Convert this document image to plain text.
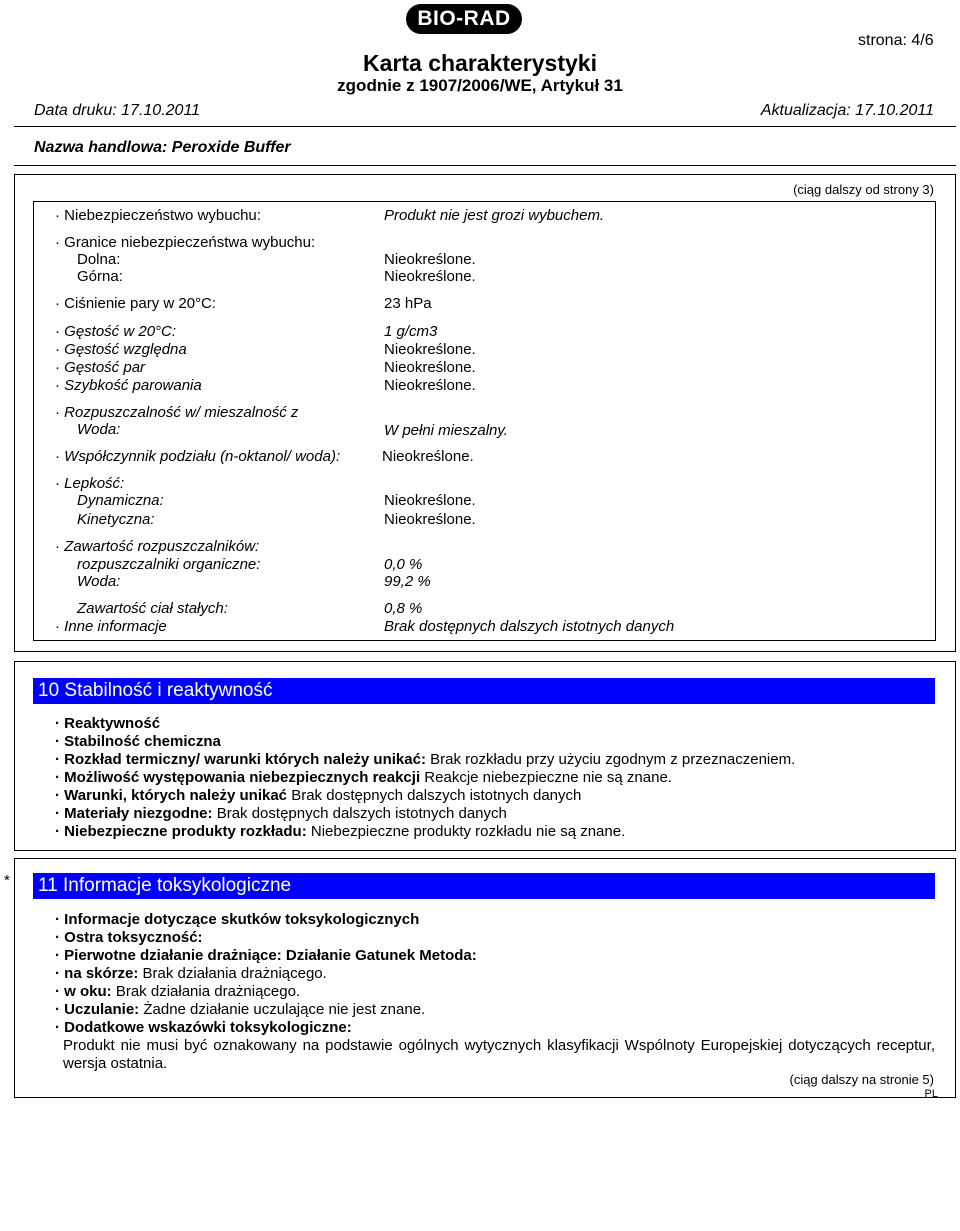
BIO-RAD
strona: 4/6
Karta charakterystyki
zgodnie z 1907/2006/WE, Artykuł 31
Data druku: 17.10.2011	Aktualizacja: 17.10.2011
Nazwa handlowa: Peroxide Buffer
(ciąg dalszy od strony 3)
· Niebezpieczeństwo wybuchu:	Produkt nie jest grozi wybuchem.
· Granice niebezpieczeństwa wybuchu:
Dolna:	Nieokreślone.
Górna:	Nieokreślone.
· Ciśnienie pary w 20°C:	23 hPa
· Gęstość w 20°C:	1 g/cm3
· Gęstość względna	Nieokreślone.
· Gęstość par	Nieokreślone.
· Szybkość parowania	Nieokreślone.
· Rozpuszczalność w/ mieszalność z
Woda:	W pełni mieszalny.
· Współczynnik podziału (n-oktanol/ woda):	Nieokreślone.
· Lepkość:
Dynamiczna:	Nieokreślone.
Kinetyczna:	Nieokreślone.
· Zawartość rozpuszczalników:
rozpuszczalniki organiczne:	0,0 %
Woda:	99,2 %
Zawartość ciał stałych:	0,8 %
· Inne informacje	Brak dostępnych dalszych istotnych danych
10 Stabilność i reaktywność
· Reaktywność
· Stabilność chemiczna
· Rozkład termiczny/ warunki których należy unikać: Brak rozkładu przy użyciu zgodnym z przeznaczeniem.
· Możliwość występowania niebezpiecznych reakcji Reakcje niebezpieczne nie są znane.
· Warunki, których należy unikać Brak dostępnych dalszych istotnych danych
· Materiały niezgodne: Brak dostępnych dalszych istotnych danych
· Niebezpieczne produkty rozkładu: Niebezpieczne produkty rozkładu nie są znane.
* 11 Informacje toksykologiczne
· Informacje dotyczące skutków toksykologicznych
· Ostra toksyczność:
· Pierwotne działanie drażniące: Działanie Gatunek Metoda:
· na skórze: Brak działania drażniącego.
· w oku: Brak działania drażniącego.
· Uczulanie: Żadne działanie uczulające nie jest znane.
· Dodatkowe wskazówki toksykologiczne:
Produkt nie musi być oznakowany na podstawie ogólnych wytycznych klasyfikacji Wspólnoty Europejskiej dotyczących receptur, wersja ostatnia.
(ciąg dalszy na stronie 5)
PL
